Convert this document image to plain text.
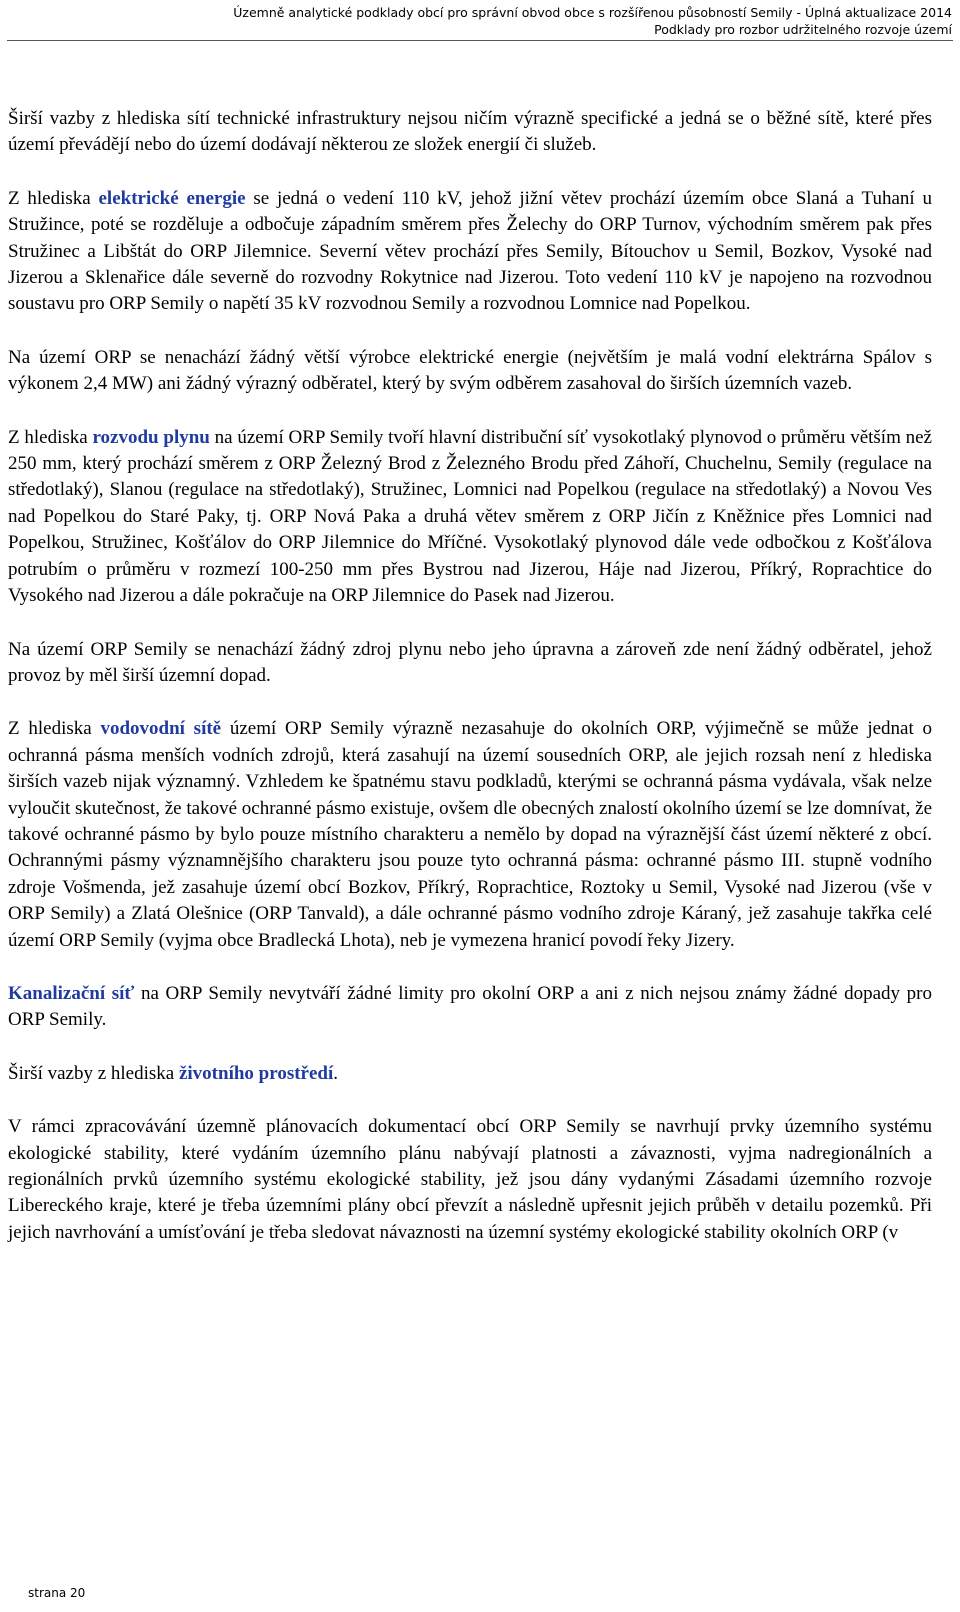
Územně analytické podklady obcí pro správní obvod obce s rozšířenou působností Semily - Úplná aktualizace 2014
Podklady pro rozbor udržitelného rozvoje území

Širší vazby z hlediska sítí technické infrastruktury nejsou ničím výrazně specifické a jedná se o běžné sítě, které přes území převádějí nebo do území dodávají některou ze složek energií či služeb.

Z hlediska elektrické energie se jedná o vedení 110 kV, jehož jižní větev prochází územím obce Slaná a Tuhaní u Stružince, poté se rozděluje a odbočuje západním směrem přes Želechy do ORP Turnov, východním směrem pak přes Stružinec a Libštát do ORP Jilemnice. Severní větev prochází přes Semily, Bítouchov u Semil, Bozkov, Vysoké nad Jizerou a Sklenařice dále severně do rozvodny Rokytnice nad Jizerou. Toto vedení 110 kV je napojeno na rozvodnou soustavu pro ORP Semily o napětí 35 kV rozvodnou Semily a rozvodnou Lomnice nad Popelkou.

Na území ORP se nenachází žádný větší výrobce elektrické energie (největším je malá vodní elektrárna Spálov s výkonem 2,4 MW) ani žádný výrazný odběratel, který by svým odběrem zasahoval do širších územních vazeb.

Z hlediska rozvodu plynu na území ORP Semily tvoří hlavní distribuční síť vysokotlaký plynovod o průměru větším než 250 mm, který prochází směrem z ORP Železný Brod z Železného Brodu před Záhoří, Chuchelnu, Semily (regulace na středotlaký), Slanou (regulace na středotlaký), Stružinec, Lomnici nad Popelkou (regulace na středotlaký) a Novou Ves nad Popelkou do Staré Paky, tj. ORP Nová Paka a druhá větev směrem z ORP Jičín z Kněžnice přes Lomnici nad Popelkou, Stružinec, Košťálov do ORP Jilemnice do Mříčné. Vysokotlaký plynovod dále vede odbočkou z Košťálova potrubím o průměru v rozmezí 100-250 mm přes Bystrou nad Jizerou, Háje nad Jizerou, Příkrý, Roprachtice do Vysokého nad Jizerou a dále pokračuje na ORP Jilemnice do Pasek nad Jizerou.

Na území ORP Semily se nenachází žádný zdroj plynu nebo jeho úpravna a zároveň zde není žádný odběratel, jehož provoz by měl širší územní dopad.

Z hlediska vodovodní sítě území ORP Semily výrazně nezasahuje do okolních ORP, výjimečně se může jednat o ochranná pásma menších vodních zdrojů, která zasahují na území sousedních ORP, ale jejich rozsah není z hlediska širších vazeb nijak významný. Vzhledem ke špatnému stavu podkladů, kterými se ochranná pásma vydávala, však nelze vyloučit skutečnost, že takové ochranné pásmo existuje, ovšem dle obecných znalostí okolního území se lze domnívat, že takové ochranné pásmo by bylo pouze místního charakteru a nemělo by dopad na výraznější část území některé z obcí. Ochrannými pásmy významnějšího charakteru jsou pouze tyto ochranná pásma: ochranné pásmo III. stupně vodního zdroje Vošmenda, jež zasahuje území obcí Bozkov, Příkrý, Roprachtice, Roztoky u Semil, Vysoké nad Jizerou (vše v ORP Semily) a Zlatá Olešnice (ORP Tanvald), a dále ochranné pásmo vodního zdroje Káraný, jež zasahuje takřka celé území ORP Semily (vyjma obce Bradlecká Lhota), neb je vymezena hranicí povodí řeky Jizery.

Kanalizační síť na ORP Semily nevytváří žádné limity pro okolní ORP a ani z nich nejsou známy žádné dopady pro ORP Semily.

Širší vazby z hlediska životního prostředí.

V rámci zpracovávání územně plánovacích dokumentací obcí ORP Semily se navrhují prvky územního systému ekologické stability, které vydáním územního plánu nabývají platnosti a závaznosti, vyjma nadregionálních a regionálních prvků územního systému ekologické stability, jež jsou dány vydanými Zásadami územního rozvoje Libereckého kraje, které je třeba územními plány obcí převzít a následně upřesnit jejich průběh v detailu pozemků. Při jejich navrhování a umísťování je třeba sledovat návaznosti na územní systémy ekologické stability okolních ORP (v

strana 20
